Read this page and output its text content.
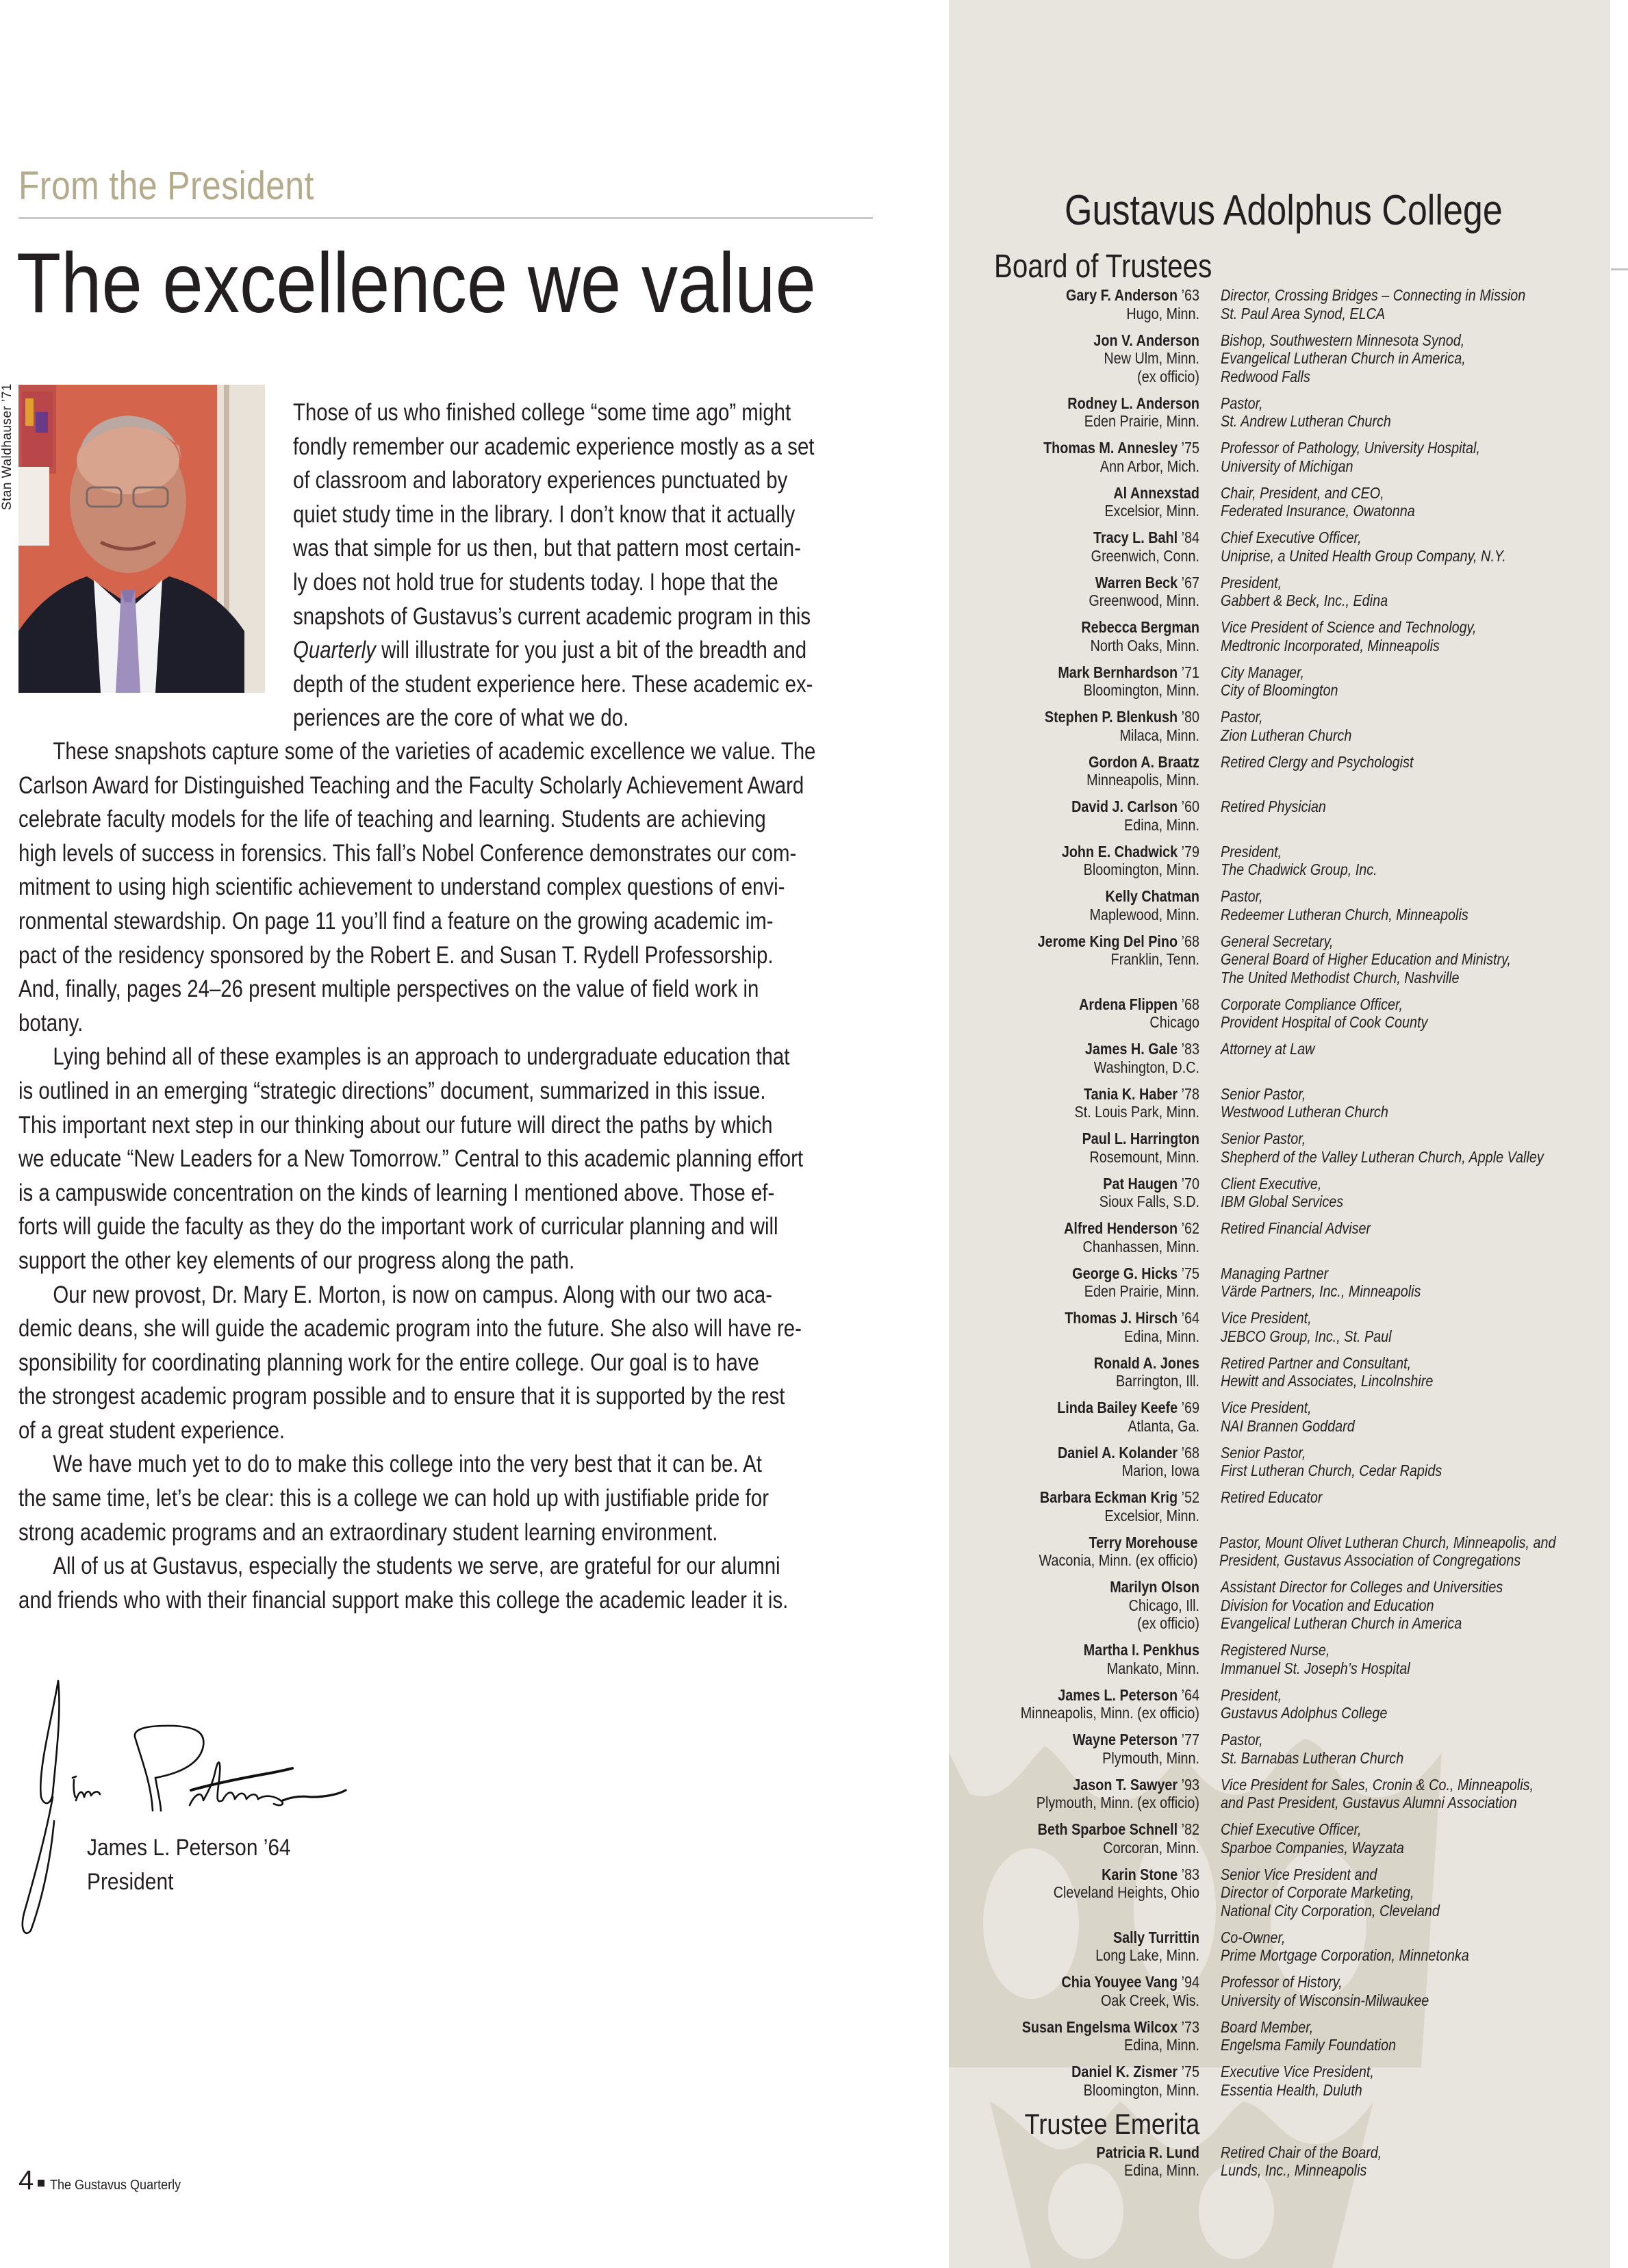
From the President
The excellence we value
Stan Waldhauser ’71	Those of us who finished college “some time ago” might
fondly remember our academic experience mostly as a set
of classroom and laboratory experiences punctuated by
quiet study time in the library. I don’t know that it actually
was that simple for us then, but that pattern most certain-
ly does not hold true for students today. I hope that the
snapshots of Gustavus’s current academic program in this
Quarterly will illustrate for you just a bit of the breadth and
depth of the student experience here. These academic ex-
periences are the core of what we do.
These snapshots capture some of the varieties of academic excellence we value. The
Carlson Award for Distinguished Teaching and the Faculty Scholarly Achievement Award
celebrate faculty models for the life of teaching and learning. Students are achieving
high levels of success in forensics. This fall’s Nobel Conference demonstrates our com-
mitment to using high scientific achievement to understand complex questions of envi-
ronmental stewardship. On page 11 you’ll find a feature on the growing academic im-
pact of the residency sponsored by the Robert E. and Susan T. Rydell Professorship.
And, finally, pages 24–26 present multiple perspectives on the value of field work in
botany.
Lying behind all of these examples is an approach to undergraduate education that
is outlined in an emerging “strategic directions” document, summarized in this issue.
This important next step in our thinking about our future will direct the paths by which
we educate “New Leaders for a New Tomorrow.” Central to this academic planning effort
is a campuswide concentration on the kinds of learning I mentioned above. Those ef-
forts will guide the faculty as they do the important work of curricular planning and will
support the other key elements of our progress along the path.
Our new provost, Dr. Mary E. Morton, is now on campus. Along with our two aca-
demic deans, she will guide the academic program into the future. She also will have re-
sponsibility for coordinating planning work for the entire college. Our goal is to have
the strongest academic program possible and to ensure that it is supported by the rest
of a great student experience.
We have much yet to do to make this college into the very best that it can be. At
the same time, let’s be clear: this is a college we can hold up with justifiable pride for
strong academic programs and an extraordinary student learning environment.
All of us at Gustavus, especially the students we serve, are grateful for our alumni
and friends who with their financial support make this college the academic leader it is.
James L. Peterson ’64
President
4 The Gustavus Quarterly
Gustavus Adolphus College
Board of Trustees
Gary F. Anderson ’63
Hugo, Minn.
Director, Crossing Bridges – Connecting in Mission
St. Paul Area Synod, ELCA
Jon V. Anderson
New Ulm, Minn.
(ex officio)
Bishop, Southwestern Minnesota Synod,
Evangelical Lutheran Church in America,
Redwood Falls
Rodney L. Anderson
Eden Prairie, Minn.
Pastor,
St. Andrew Lutheran Church
Thomas M. Annesley ’75
Ann Arbor, Mich.
Professor of Pathology, University Hospital,
University of Michigan
Al Annexstad
Excelsior, Minn.
Chair, President, and CEO,
Federated Insurance, Owatonna
Tracy L. Bahl ’84
Greenwich, Conn.
Chief Executive Officer,
Uniprise, a United Health Group Company, N.Y.
Warren Beck ’67
Greenwood, Minn.
President,
Gabbert & Beck, Inc., Edina
Rebecca Bergman
North Oaks, Minn.
Vice President of Science and Technology,
Medtronic Incorporated, Minneapolis
Mark Bernhardson ’71
Bloomington, Minn.
City Manager,
City of Bloomington
Stephen P. Blenkush ’80
Milaca, Minn.
Pastor,
Zion Lutheran Church
Gordon A. Braatz
Minneapolis, Minn.
Retired Clergy and Psychologist
David J. Carlson ’60
Edina, Minn.
Retired Physician
John E. Chadwick ’79
Bloomington, Minn.
President,
The Chadwick Group, Inc.
Kelly Chatman
Maplewood, Minn.
Pastor,
Redeemer Lutheran Church, Minneapolis
Jerome King Del Pino ’68
Franklin, Tenn.
General Secretary,
General Board of Higher Education and Ministry,
The United Methodist Church, Nashville
Ardena Flippen ’68
Chicago
Corporate Compliance Officer,
Provident Hospital of Cook County
James H. Gale ’83
Washington, D.C.
Attorney at Law
Tania K. Haber ’78
St. Louis Park, Minn.
Senior Pastor,
Westwood Lutheran Church
Paul L. Harrington
Rosemount, Minn.
Senior Pastor,
Shepherd of the Valley Lutheran Church, Apple Valley
Pat Haugen ’70
Sioux Falls, S.D.
Client Executive,
IBM Global Services
Alfred Henderson ’62
Chanhassen, Minn.
Retired Financial Adviser
George G. Hicks ’75
Eden Prairie, Minn.
Managing Partner
Värde Partners, Inc., Minneapolis
Thomas J. Hirsch ’64
Edina, Minn.
Vice President,
JEBCO Group, Inc., St. Paul
Ronald A. Jones
Barrington, Ill.
Retired Partner and Consultant,
Hewitt and Associates, Lincolnshire
Linda Bailey Keefe ’69
Atlanta, Ga.
Vice President,
NAI Brannen Goddard
Daniel A. Kolander ’68
Marion, Iowa
Senior Pastor,
First Lutheran Church, Cedar Rapids
Barbara Eckman Krig ’52
Excelsior, Minn.
Retired Educator
Terry Morehouse
Waconia, Minn. (ex officio)
Pastor, Mount Olivet Lutheran Church, Minneapolis, and
President, Gustavus Association of Congregations
Marilyn Olson
Chicago, Ill.
(ex officio)
Assistant Director for Colleges and Universities
Division for Vocation and Education
Evangelical Lutheran Church in America
Martha I. Penkhus
Mankato, Minn.
Registered Nurse,
Immanuel St. Joseph’s Hospital
James L. Peterson ’64
Minneapolis, Minn. (ex officio)
President,
Gustavus Adolphus College
Wayne Peterson ’77
Plymouth, Minn.
Pastor,
St. Barnabas Lutheran Church
Jason T. Sawyer ’93
Plymouth, Minn. (ex officio)
Vice President for Sales, Cronin & Co., Minneapolis,
and Past President, Gustavus Alumni Association
Beth Sparboe Schnell ’82
Corcoran, Minn.
Chief Executive Officer,
Sparboe Companies, Wayzata
Karin Stone ’83
Cleveland Heights, Ohio
Senior Vice President and
Director of Corporate Marketing,
National City Corporation, Cleveland
Sally Turrittin
Long Lake, Minn.
Co-Owner,
Prime Mortgage Corporation, Minnetonka
Chia Youyee Vang ’94
Oak Creek, Wis.
Professor of History,
University of Wisconsin-Milwaukee
Susan Engelsma Wilcox ’73
Edina, Minn.
Board Member,
Engelsma Family Foundation
Daniel K. Zismer ’75
Bloomington, Minn.
Executive Vice President,
Essentia Health, Duluth
Trustee Emerita
Patricia R. Lund
Edina, Minn.
Retired Chair of the Board,
Lunds, Inc., Minneapolis
